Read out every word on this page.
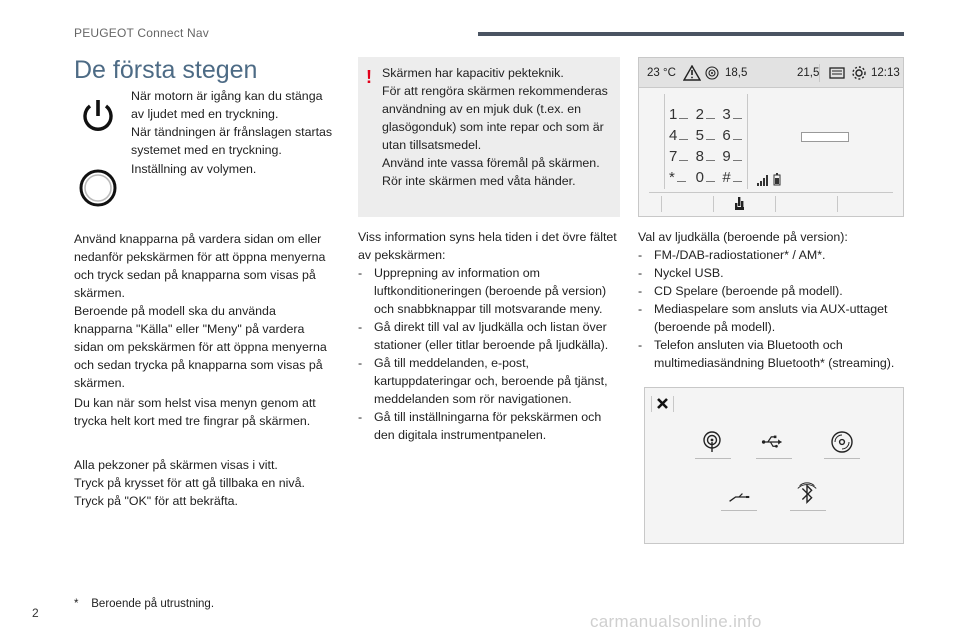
PEUGEOT Connect Nav
De första stegen
När motorn är igång kan du stänga
av ljudet med en tryckning.
När tändningen är frånslagen startas
systemet med en tryckning.
Inställning av volymen.
Använd knapparna på vardera sidan om eller
nedanför pekskärmen för att öppna menyerna
och tryck sedan på knapparna som visas på
skärmen.
Beroende på modell ska du använda
knapparna "Källa" eller "Meny" på vardera
sidan om pekskärmen för att öppna menyerna
och sedan trycka på knapparna som visas på
skärmen.
Du kan när som helst visa menyn genom att
trycka helt kort med tre fingrar på skärmen.
Alla pekzoner på skärmen visas i vitt.
Tryck på krysset för att gå tillbaka en nivå.
Tryck på "OK" för att bekräfta.
! Skärmen har kapacitiv pekteknik.
För att rengöra skärmen rekommenderas
användning av en mjuk duk (t.ex. en
glasögonduk) som inte repar och som är
utan tillsatsmedel.
Använd inte vassa föremål på skärmen.
Rör inte skärmen med våta händer.
Viss information syns hela tiden i det övre fältet
av pekskärmen:
- Upprepning av information om
luftkonditioneringen (beroende på version)
och snabbknappar till motsvarande meny.
- Gå direkt till val av ljudkälla och listan över
stationer (eller titlar beroende på ljudkälla).
- Gå till meddelanden, e-post,
kartuppdateringar och, beroende på tjänst,
meddelanden som rör navigationen.
- Gå till inställningarna för pekskärmen och
den digitala instrumentpanelen.
23 °C	18,5	21,5	12:13
1	2	3
4	5	6
7	8	9
*	0	#
Val av ljudkälla (beroende på version):
- FM-/DAB-radiostationer* / AM*.
- Nyckel USB.
- CD Spelare (beroende på modell).
- Mediaspelare som ansluts via AUX-uttaget
(beroende på modell).
- Telefon ansluten via Bluetooth och
multimediasändning Bluetooth* (streaming).
* Beroende på utrustning.
2	carmanualsonline.info
